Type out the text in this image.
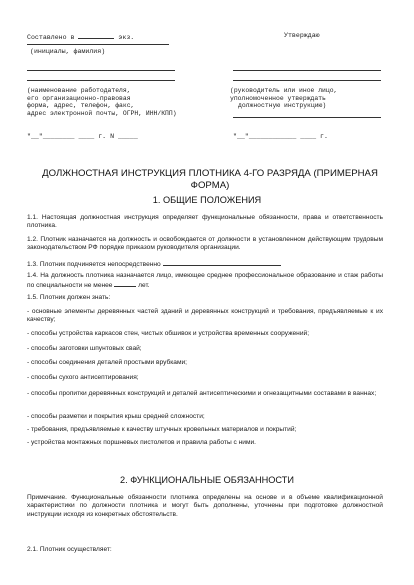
Составлено в	экз.
(инициалы, фамилия)
(наименование работодателя,
его организационно-правовая
форма, адрес, телефон, факс,
адрес электронной почты, ОГРН, ИНН/КПП)
"__"________ ____ г. N _____
Утверждаю
(руководитель или иное лицо,
уполномоченное утверждать
должностную инструкцию)
"__"____________ ____ г.
ДОЛЖНОСТНАЯ ИНСТРУКЦИЯ ПЛОТНИКА 4-ГО РАЗРЯДА (ПРИМЕРНАЯ ФОРМА)
1. ОБЩИЕ ПОЛОЖЕНИЯ
1.1. Настоящая должностная инструкция определяет функциональные обязанности, права и ответственность плотника.
1.2. Плотник назначается на должность и освобождается от должности в установленном действующим трудовым законодательством РФ порядке приказом руководителя организации.
1.3. Плотник подчиняется непосредственно
1.4. На должность плотника назначается лицо, имеющее среднее профессиональное образование и стаж работы по специальности не менее	лет.
1.5. Плотник должен знать:
- основные элементы деревянных частей зданий и деревянных конструкций и требования, предъявляемые к их качеству;
- способы устройства каркасов стен, чистых обшивок и устройства временных сооружений;
- способы заготовки шпунтовых свай;
- способы соединения деталей простыми врубками;
- способы сухого антисептирования;
- способы пропитки деревянных конструкций и деталей антисептическими и огнезащитными составами в ваннах;
- способы разметки и покрытия крыш средней сложности;
- требования, предъявляемые к качеству штучных кровельных материалов и покрытий;
- устройства монтажных поршневых пистолетов и правила работы с ними.
2. ФУНКЦИОНАЛЬНЫЕ ОБЯЗАННОСТИ
Примечание. Функциональные обязанности плотника определены на основе и в объеме квалификационной характеристики по должности плотника и могут быть дополнены, уточнены при подготовке должностной инструкции исходя из конкретных обстоятельств.
2.1. Плотник осуществляет:
